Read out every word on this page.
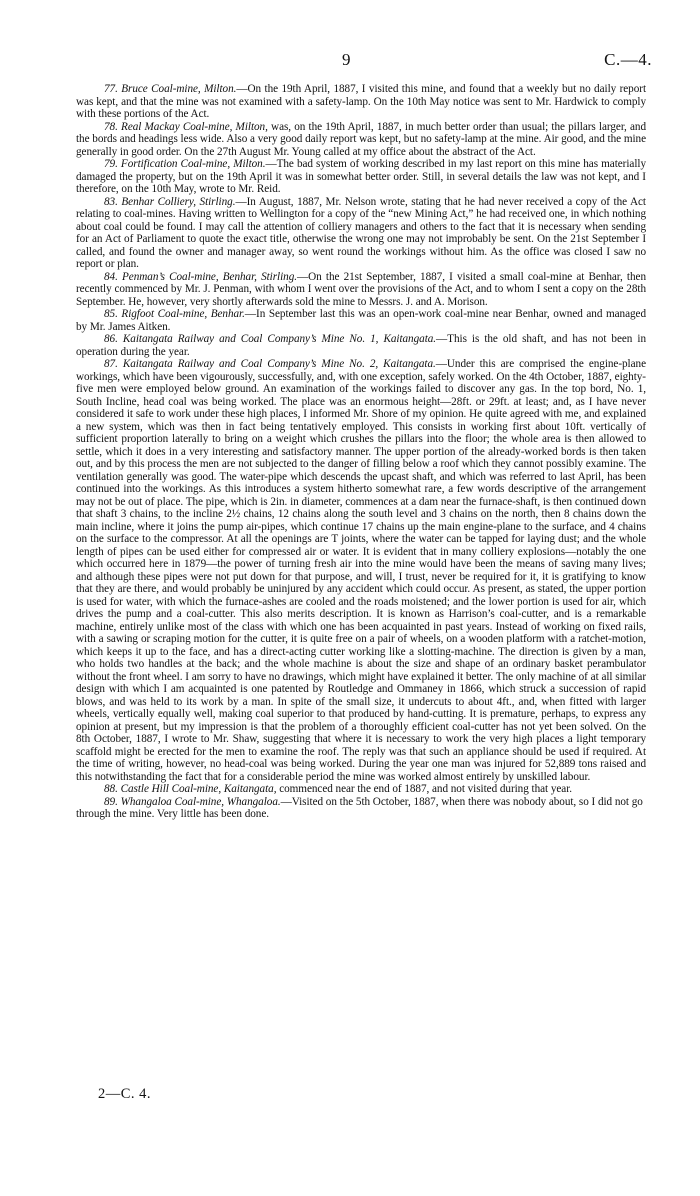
9	C.—4.

77. Bruce Coal-mine, Milton.—On the 19th April, 1887, I visited this mine, and found that a weekly but no daily report was kept, and that the mine was not examined with a safety-lamp. On the 10th May notice was sent to Mr. Hardwick to comply with these portions of the Act.

78. Real Mackay Coal-mine, Milton, was, on the 19th April, 1887, in much better order than usual; the pillars larger, and the bords and headings less wide. Also a very good daily report was kept, but no safety-lamp at the mine. Air good, and the mine generally in good order. On the 27th August Mr. Young called at my office about the abstract of the Act.

79. Fortification Coal-mine, Milton.—The bad system of working described in my last report on this mine has materially damaged the property, but on the 19th April it was in somewhat better order. Still, in several details the law was not kept, and I therefore, on the 10th May, wrote to Mr. Reid.

83. Benhar Colliery, Stirling.—In August, 1887, Mr. Nelson wrote, stating that he had never received a copy of the Act relating to coal-mines. Having written to Wellington for a copy of the “new Mining Act,” he had received one, in which nothing about coal could be found. I may call the attention of colliery managers and others to the fact that it is necessary when sending for an Act of Parliament to quote the exact title, otherwise the wrong one may not improbably be sent. On the 21st September I called, and found the owner and manager away, so went round the workings without him. As the office was closed I saw no report or plan.

84. Penman’s Coal-mine, Benhar, Stirling.—On the 21st September, 1887, I visited a small coal-mine at Benhar, then recently commenced by Mr. J. Penman, with whom I went over the provisions of the Act, and to whom I sent a copy on the 28th September. He, however, very shortly afterwards sold the mine to Messrs. J. and A. Morison.

85. Rigfoot Coal-mine, Benhar.—In September last this was an open-work coal-mine near Benhar, owned and managed by Mr. James Aitken.

86. Kaitangata Railway and Coal Company’s Mine No. 1, Kaitangata.—This is the old shaft, and has not been in operation during the year.

87. Kaitangata Railway and Coal Company’s Mine No. 2, Kaitangata.—Under this are comprised the engine-plane workings, which have been vigourously, successfully, and, with one exception, safely worked. On the 4th October, 1887, eighty-five men were employed below ground. An examination of the workings failed to discover any gas. In the top bord, No. 1, South Incline, head coal was being worked. The place was an enormous height—28ft. or 29ft. at least; and, as I have never considered it safe to work under these high places, I informed Mr. Shore of my opinion. He quite agreed with me, and explained a new system, which was then in fact being tentatively employed. This consists in working first about 10ft. vertically of sufficient proportion laterally to bring on a weight which crushes the pillars into the floor; the whole area is then allowed to settle, which it does in a very interesting and satisfactory manner. The upper portion of the already-worked bords is then taken out, and by this process the men are not subjected to the danger of filling below a roof which they cannot possibly examine. The ventilation generally was good. The water-pipe which descends the upcast shaft, and which was referred to last April, has been continued into the workings. As this introduces a system hitherto somewhat rare, a few words descriptive of the arrangement may not be out of place. The pipe, which is 2in. in diameter, commences at a dam near the furnace-shaft, is then continued down that shaft 3 chains, to the incline 2½ chains, 12 chains along the south level and 3 chains on the north, then 8 chains down the main incline, where it joins the pump air-pipes, which continue 17 chains up the main engine-plane to the surface, and 4 chains on the surface to the compressor. At all the openings are T joints, where the water can be tapped for laying dust; and the whole length of pipes can be used either for compressed air or water. It is evident that in many colliery explosions—notably the one which occurred here in 1879—the power of turning fresh air into the mine would have been the means of saving many lives; and although these pipes were not put down for that purpose, and will, I trust, never be required for it, it is gratifying to know that they are there, and would probably be uninjured by any accident which could occur. As present, as stated, the upper portion is used for water, with which the furnace-ashes are cooled and the roads moistened; and the lower portion is used for air, which drives the pump and a coal-cutter. This also merits description. It is known as Harrison’s coal-cutter, and is a remarkable machine, entirely unlike most of the class with which one has been acquainted in past years. Instead of working on fixed rails, with a sawing or scraping motion for the cutter, it is quite free on a pair of wheels, on a wooden platform with a ratchet-motion, which keeps it up to the face, and has a direct-acting cutter working like a slotting-machine. The direction is given by a man, who holds two handles at the back; and the whole machine is about the size and shape of an ordinary basket perambulator without the front wheel. I am sorry to have no drawings, which might have explained it better. The only machine of at all similar design with which I am acquainted is one patented by Routledge and Ommaney in 1866, which struck a succession of rapid blows, and was held to its work by a man. In spite of the small size, it undercuts to about 4ft., and, when fitted with larger wheels, vertically equally well, making coal superior to that produced by hand-cutting. It is premature, perhaps, to express any opinion at present, but my impression is that the problem of a thoroughly efficient coal-cutter has not yet been solved. On the 8th October, 1887, I wrote to Mr. Shaw, suggesting that where it is necessary to work the very high places a light temporary scaffold might be erected for the men to examine the roof. The reply was that such an appliance should be used if required. At the time of writing, however, no head-coal was being worked. During the year one man was injured for 52,889 tons raised and this notwithstanding the fact that for a considerable period the mine was worked almost entirely by unskilled labour.

88. Castle Hill Coal-mine, Kaitangata, commenced near the end of 1887, and not visited during that year.

89. Whangaloa Coal-mine, Whangaloa.—Visited on the 5th October, 1887, when there was nobody about, so I did not go through the mine. Very little has been done.

2—C. 4.
